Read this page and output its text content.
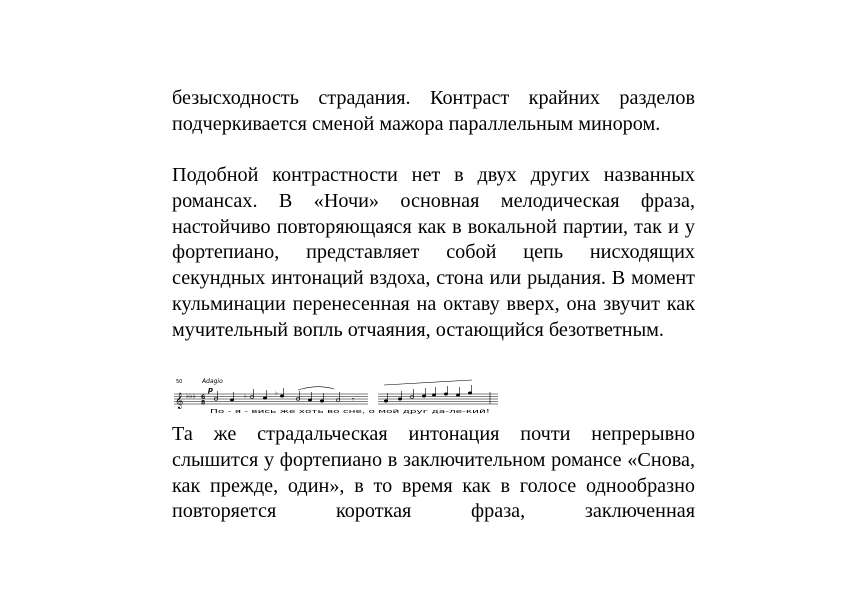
безысходность страдания. Контраст крайних разделов подчеркивается сменой мажора параллельным минором.

Подобной контрастности нет в двух других названных романсах. В «Ночи» основная мелодическая фраза, настойчиво повторяющаяся как в вокальной партии, так и у фортепиано, представляет собой цепь нисходящих секундных интонаций вздоха, стона или рыдания. В момент кульминации перенесенная на октаву вверх, она звучит как мучительный вопль отчаяния, остающийся безответным.

50	Adagio
p
𝄞 ♭♭♭ 6
8
♭	♭
𝄾
По - я - вись же хоть во сне, о мой друг да-ле-кий!

Та же страдальческая интонация почти непрерывно слышится у фортепиано в заключительном романсе «Снова, как прежде, один», в то время как в голосе однообразно повторяется короткая фраза, заключенная
